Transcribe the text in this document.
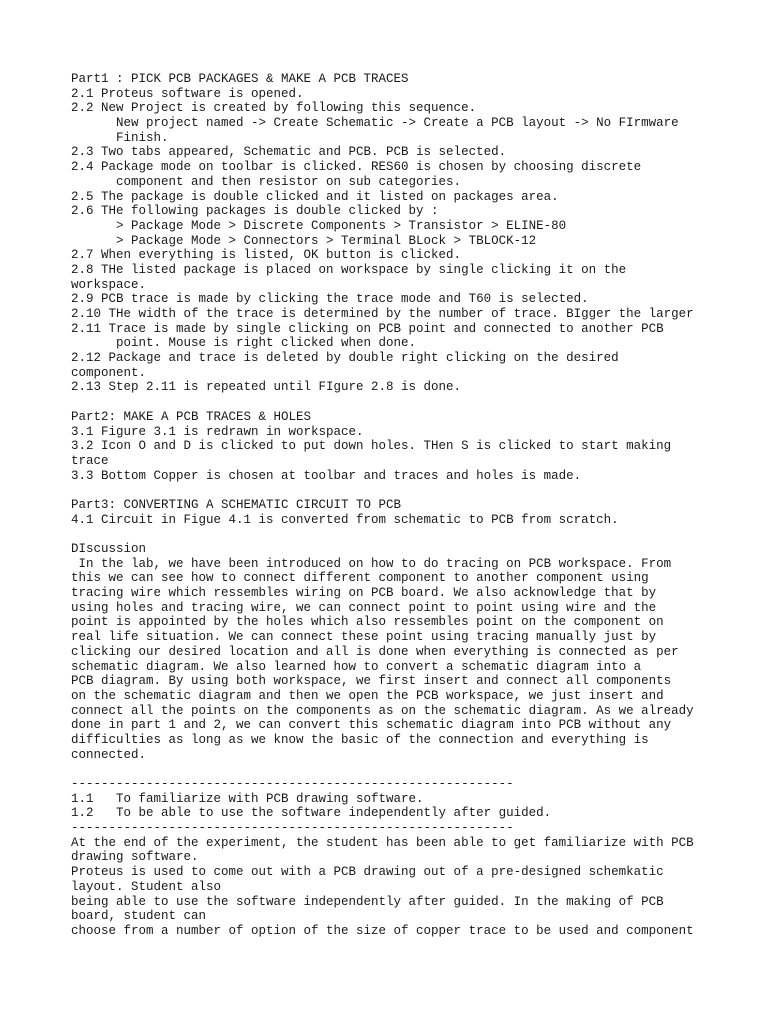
Part1 : PICK PCB PACKAGES & MAKE A PCB TRACES
2.1 Proteus software is opened.
2.2 New Project is created by following this sequence.
New project named -> Create Schematic -> Create a PCB layout -> No FIrmware
Finish.
2.3 Two tabs appeared, Schematic and PCB. PCB is selected.
2.4 Package mode on toolbar is clicked. RES60 is chosen by choosing discrete
component and then resistor on sub categories.
2.5 The package is double clicked and it listed on packages area.
2.6 THe following packages is double clicked by :
> Package Mode > Discrete Components > Transistor > ELINE-80
> Package Mode > Connectors > Terminal BLock > TBLOCK-12
2.7 When everything is listed, OK button is clicked.
2.8 THe listed package is placed on workspace by single clicking it on the
workspace.
2.9 PCB trace is made by clicking the trace mode and T60 is selected.
2.10 THe width of the trace is determined by the number of trace. BIgger the larger
2.11 Trace is made by single clicking on PCB point and connected to another PCB
point. Mouse is right clicked when done.
2.12 Package and trace is deleted by double right clicking on the desired
component.
2.13 Step 2.11 is repeated until FIgure 2.8 is done.
Part2: MAKE A PCB TRACES & HOLES
3.1 Figure 3.1 is redrawn in workspace.
3.2 Icon O and D is clicked to put down holes. THen S is clicked to start making
trace
3.3 Bottom Copper is chosen at toolbar and traces and holes is made.
Part3: CONVERTING A SCHEMATIC CIRCUIT TO PCB
4.1 Circuit in Figue 4.1 is converted from schematic to PCB from scratch.
DIscussion
In the lab, we have been introduced on how to do tracing on PCB workspace. From
this we can see how to connect different component to another component using
tracing wire which ressembles wiring on PCB board. We also acknowledge that by
using holes and tracing wire, we can connect point to point using wire and the
point is appointed by the holes which also ressembles point on the component on
real life situation. We can connect these point using tracing manually just by
clicking our desired location and all is done when everything is connected as per
schematic diagram. We also learned how to convert a schematic diagram into a
PCB diagram. By using both workspace, we first insert and connect all components
on the schematic diagram and then we open the PCB workspace, we just insert and
connect all the points on the components as on the schematic diagram. As we already
done in part 1 and 2, we can convert this schematic diagram into PCB without any
difficulties as long as we know the basic of the connection and everything is
connected.
-----------------------------------------------------------
1.1   To familiarize with PCB drawing software.
1.2   To be able to use the software independently after guided.
-----------------------------------------------------------
At the end of the experiment, the student has been able to get familiarize with PCB
drawing software.
Proteus is used to come out with a PCB drawing out of a pre-designed schemkatic
layout. Student also
being able to use the software independently after guided. In the making of PCB
board, student can
choose from a number of option of the size of copper trace to be used and component
